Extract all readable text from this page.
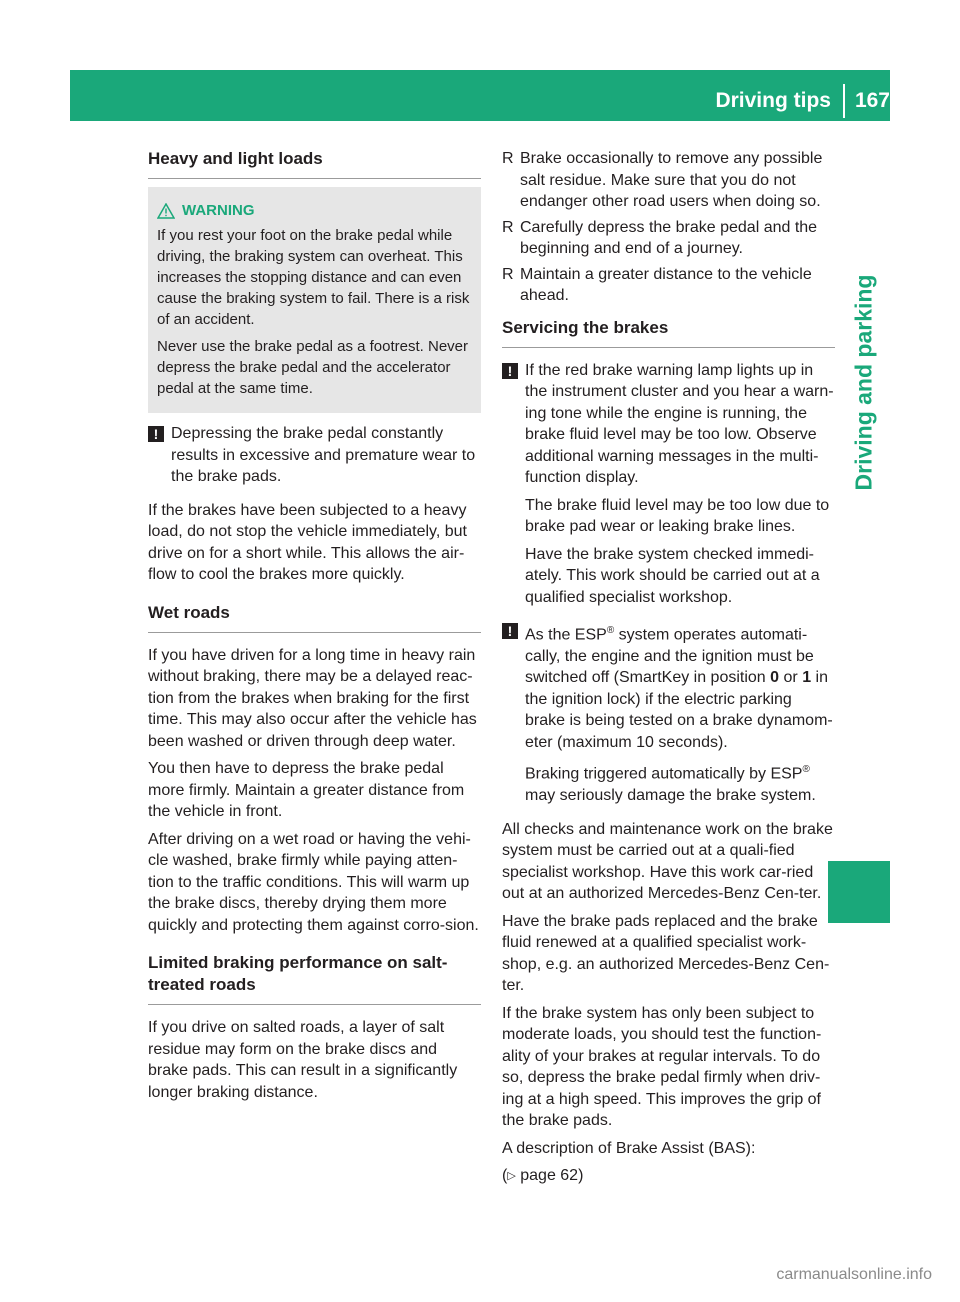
Driving tips 167
Driving and parking
Heavy and light loads
WARNING

If you rest your foot on the brake pedal while driving, the braking system can overheat. This increases the stopping distance and can even cause the braking system to fail. There is a risk of an accident.

Never use the brake pedal as a footrest. Never depress the brake pedal and the accelerator pedal at the same time.

! Depressing the brake pedal constantly results in excessive and premature wear to the brake pads.

If the brakes have been subjected to a heavy load, do not stop the vehicle immediately, but drive on for a short while. This allows the air-flow to cool the brakes more quickly.

Wet roads

If you have driven for a long time in heavy rain without braking, there may be a delayed reac-tion from the brakes when braking for the first time. This may also occur after the vehicle has been washed or driven through deep water.

You then have to depress the brake pedal more firmly. Maintain a greater distance from the vehicle in front.

After driving on a wet road or having the vehi-cle washed, brake firmly while paying atten-tion to the traffic conditions. This will warm up the brake discs, thereby drying them more quickly and protecting them against corro-sion.

Limited braking performance on salt-treated roads

If you drive on salted roads, a layer of salt residue may form on the brake discs and brake pads. This can result in a significantly longer braking distance.

R Brake occasionally to remove any possible salt residue. Make sure that you do not endanger other road users when doing so.
R Carefully depress the brake pedal and the beginning and end of a journey.
R Maintain a greater distance to the vehicle ahead.
Servicing the brakes
! If the red brake warning lamp lights up in the instrument cluster and you hear a warn-ing tone while the engine is running, the brake fluid level may be too low. Observe additional warning messages in the multi-function display.

The brake fluid level may be too low due to brake pad wear or leaking brake lines.

Have the brake system checked immedi-ately. This work should be carried out at a qualified specialist workshop.

! As the ESP® system operates automati-cally, the engine and the ignition must be switched off (SmartKey in position 0 or 1 in the ignition lock) if the electric parking brake is being tested on a brake dynamom-eter (maximum 10 seconds).

Braking triggered automatically by ESP® may seriously damage the brake system.

All checks and maintenance work on the brake system must be carried out at a quali-fied specialist workshop. Have this work car-ried out at an authorized Mercedes-Benz Cen-ter.

Have the brake pads replaced and the brake fluid renewed at a qualified specialist work-shop, e.g. an authorized Mercedes-Benz Cen-ter.

If the brake system has only been subject to moderate loads, you should test the function-ality of your brakes at regular intervals. To do so, depress the brake pedal firmly when driv-ing at a high speed. This improves the grip of the brake pads.

A description of Brake Assist (BAS):

(▷ page 62)

carmanualsonline.info
